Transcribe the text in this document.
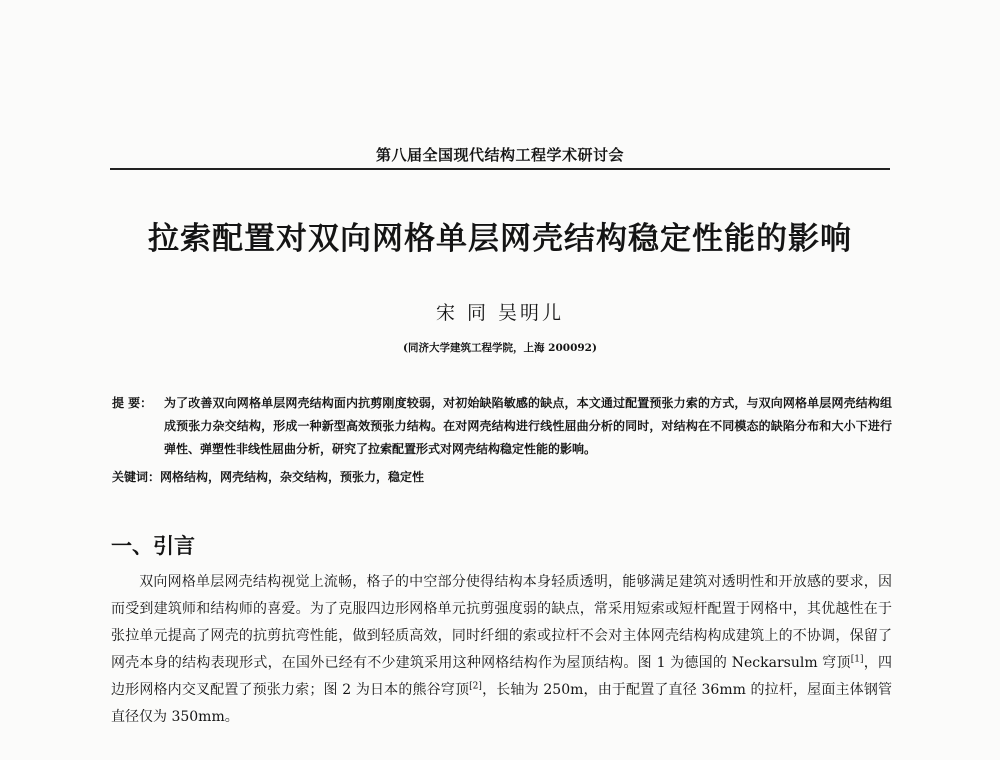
第八届全国现代结构工程学术研讨会
拉索配置对双向网格单层网壳结构稳定性能的影响
宋 同 吴明儿
(同济大学建筑工程学院，上海 200092)
提 要： 为了改善双向网格单层网壳结构面内抗剪刚度较弱，对初始缺陷敏感的缺点，本文通过配置预张力索的方式，与双向网格单层网壳结构组成预张力杂交结构，形成一种新型高效预张力结构。在对网壳结构进行线性屈曲分析的同时，对结构在不同模态的缺陷分布和大小下进行弹性、弹塑性非线性屈曲分析，研究了拉索配置形式对网壳结构稳定性能的影响。
关键词：网格结构，网壳结构，杂交结构，预张力，稳定性
一、引言
双向网格单层网壳结构视觉上流畅，格子的中空部分使得结构本身轻质透明，能够满足建筑对透明性和开放感的要求，因而受到建筑师和结构师的喜爱。为了克服四边形网格单元抗剪强度弱的缺点，常采用短索或短杆配置于网格中，其优越性在于张拉单元提高了网壳的抗剪抗弯性能，做到轻质高效，同时纤细的索或拉杆不会对主体网壳结构构成建筑上的不协调，保留了网壳本身的结构表现形式，在国外已经有不少建筑采用这种网格结构作为屋顶结构。图 1 为德国的 Neckarsulm 穹顶[1]，四边形网格内交叉配置了预张力索；图 2 为日本的熊谷穹顶[2]，长轴为 250m，由于配置了直径 36mm 的拉杆，屋面主体钢管直径仅为 350mm。
